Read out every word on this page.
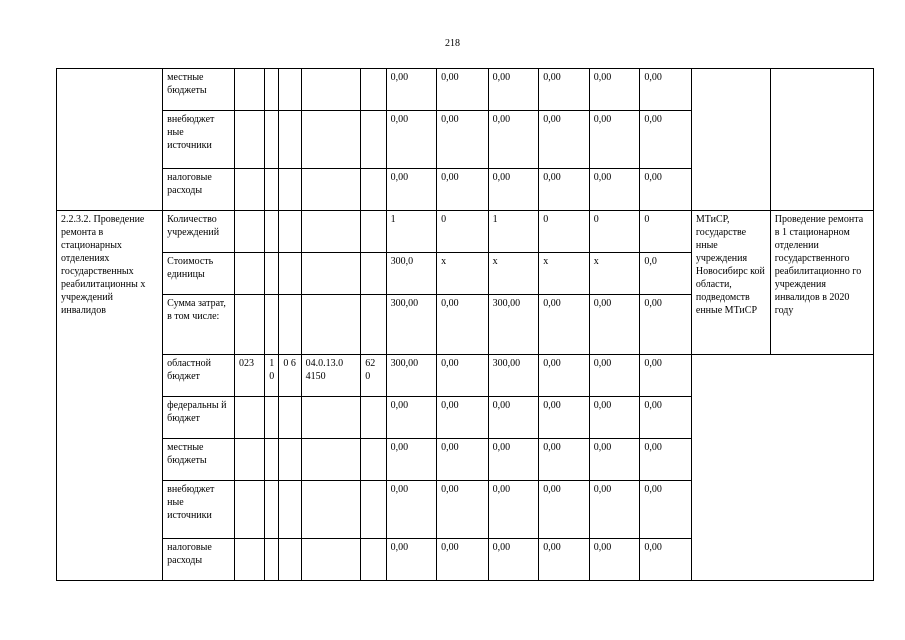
218
	местные бюджеты						0,00	0,00	0,00	0,00	0,00	0,00		
	внебюджет ные источники						0,00	0,00	0,00	0,00	0,00	0,00		
	налоговые расходы						0,00	0,00	0,00	0,00	0,00	0,00		
2.2.3.2. Проведение ремонта в стационарных отделениях государственных реабилитационны х учреждений инвалидов	Количество учреждений						1	0	1	0	0	0	МТиСР, государстве нные учреждения Новосибирс кой области, подведомств енные МТиСР	Проведение ремонта в 1 стационарном отделении государственного реабилитационно го учреждения инвалидов в 2020 году
	Стоимость единицы						300,0	x	x	x	x	0,0		
	Сумма затрат, в том числе:						300,00	0,00	300,00	0,00	0,00	0,00		
	областной бюджет	023	1 0	0 6	04.0.13.0 4150	62 0	300,00	0,00	300,00	0,00	0,00	0,00		
	федеральны й бюджет						0,00	0,00	0,00	0,00	0,00	0,00		
	местные бюджеты						0,00	0,00	0,00	0,00	0,00	0,00		
	внебюджет ные источники						0,00	0,00	0,00	0,00	0,00	0,00		
	налоговые расходы						0,00	0,00	0,00	0,00	0,00	0,00		
